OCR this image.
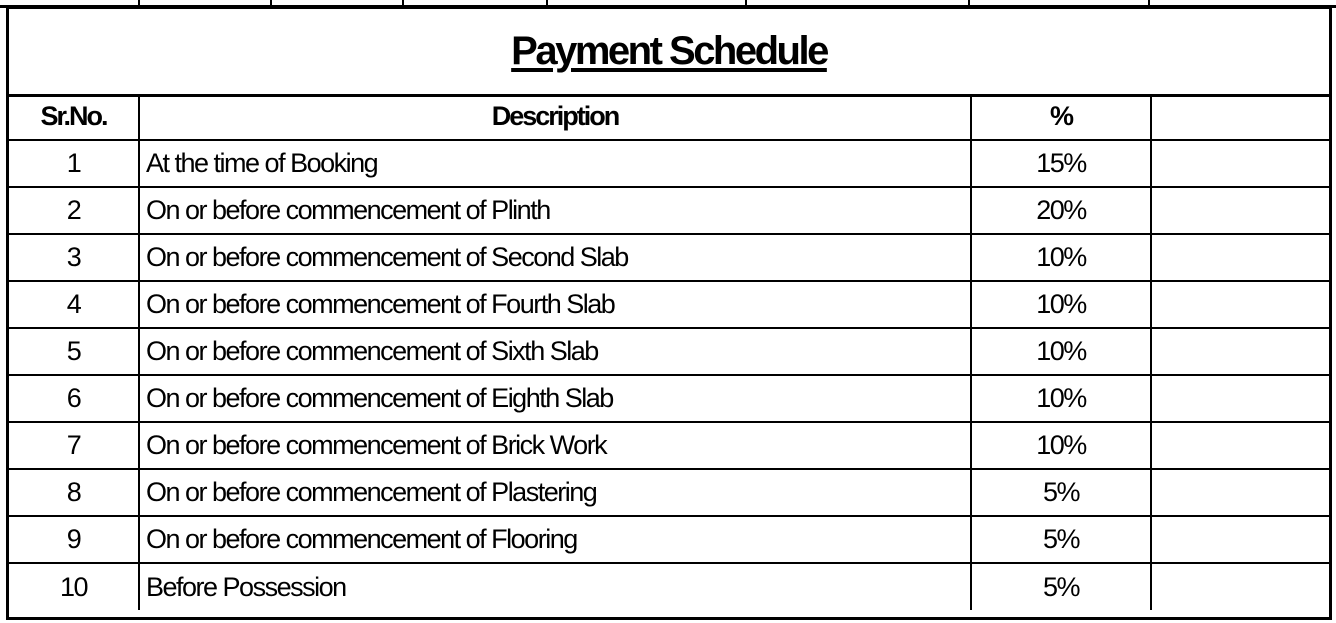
Payment Schedule
Sr.No.	Description	%	
1	At the time of Booking	15%	
2	On or before commencement of Plinth	20%	
3	On or before commencement of Second Slab	10%	
4	On or before commencement of Fourth Slab	10%	
5	On or before commencement of Sixth Slab	10%	
6	On or before commencement of Eighth Slab	10%	
7	On or before commencement of Brick Work	10%	
8	On or before commencement of Plastering	5%	
9	On or before commencement of Flooring	5%	
10	Before Possession	5%	
